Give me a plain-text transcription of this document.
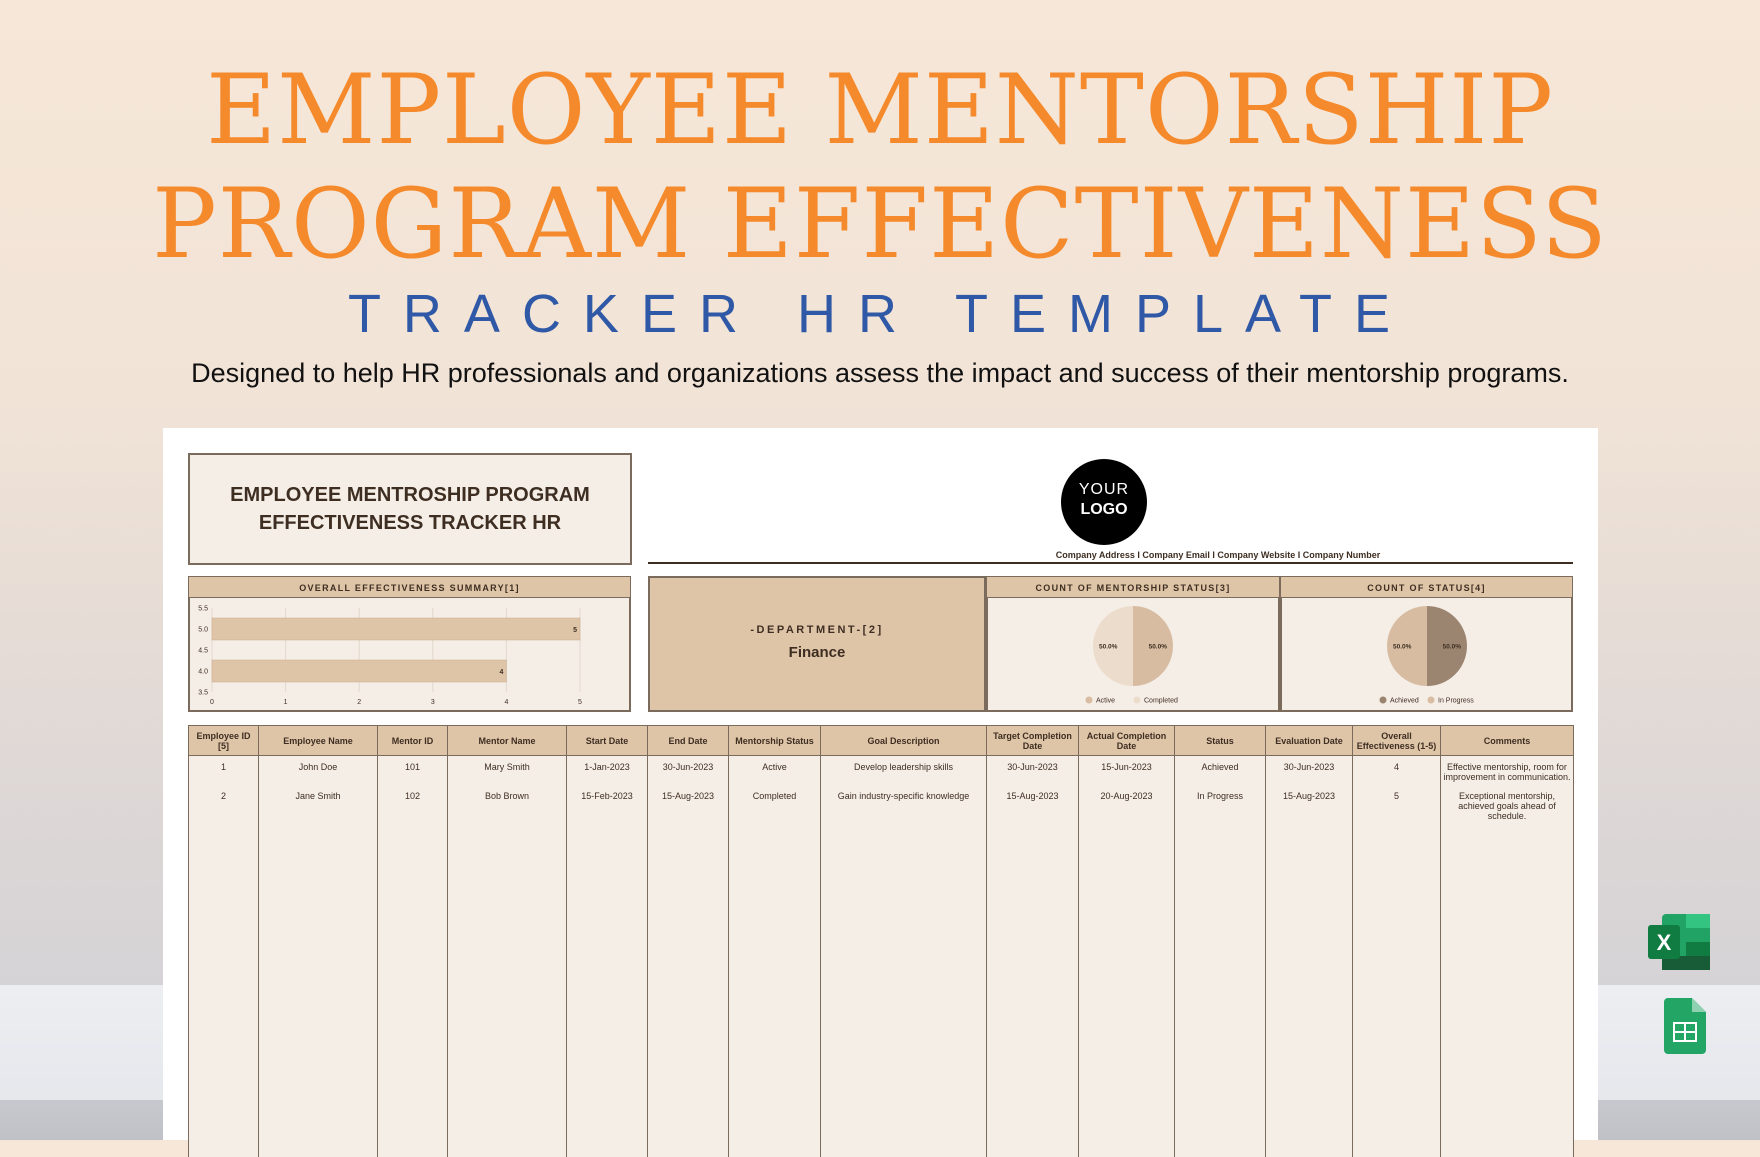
EMPLOYEE MENTORSHIP
PROGRAM EFFECTIVENESS
TRACKER HR TEMPLATE
Designed to help HR professionals and organizations assess the impact and success of their mentorship programs.
EMPLOYEE MENTROSHIP PROGRAM
EFFECTIVENESS TRACKER HR
YOUR
LOGO
Company Address I Company Email I Company Website I Company Number
OVERALL EFFECTIVENESS SUMMARY[1]
0	1	2	3	4	5
5.5
5.0
4.5
4.0
3.5
5
4
-DEPARTMENT-[2]
Finance
COUNT OF MENTORSHIP STATUS[3]
50.0%
50.0%
Active	Completed
COUNT OF STATUS[4]
50.0%
50.0%
Achieved	In Progress
Employee ID [5]	Employee Name	Mentor ID	Mentor Name	Start Date	End Date	Mentorship Status	Goal Description	Target Completion Date	Actual Completion Date	Status	Evaluation Date	Overall Effectiveness (1-5)	Comments
1	John Doe	101	Mary Smith	1-Jan-2023	30-Jun-2023	Active	Develop leadership skills	30-Jun-2023	15-Jun-2023	Achieved	30-Jun-2023	4	Effective mentorship, room for improvement in communication.
2	Jane Smith	102	Bob Brown	15-Feb-2023	15-Aug-2023	Completed	Gain industry-specific knowledge	15-Aug-2023	20-Aug-2023	In Progress	15-Aug-2023	5	Exceptional mentorship, achieved goals ahead of schedule.

X
